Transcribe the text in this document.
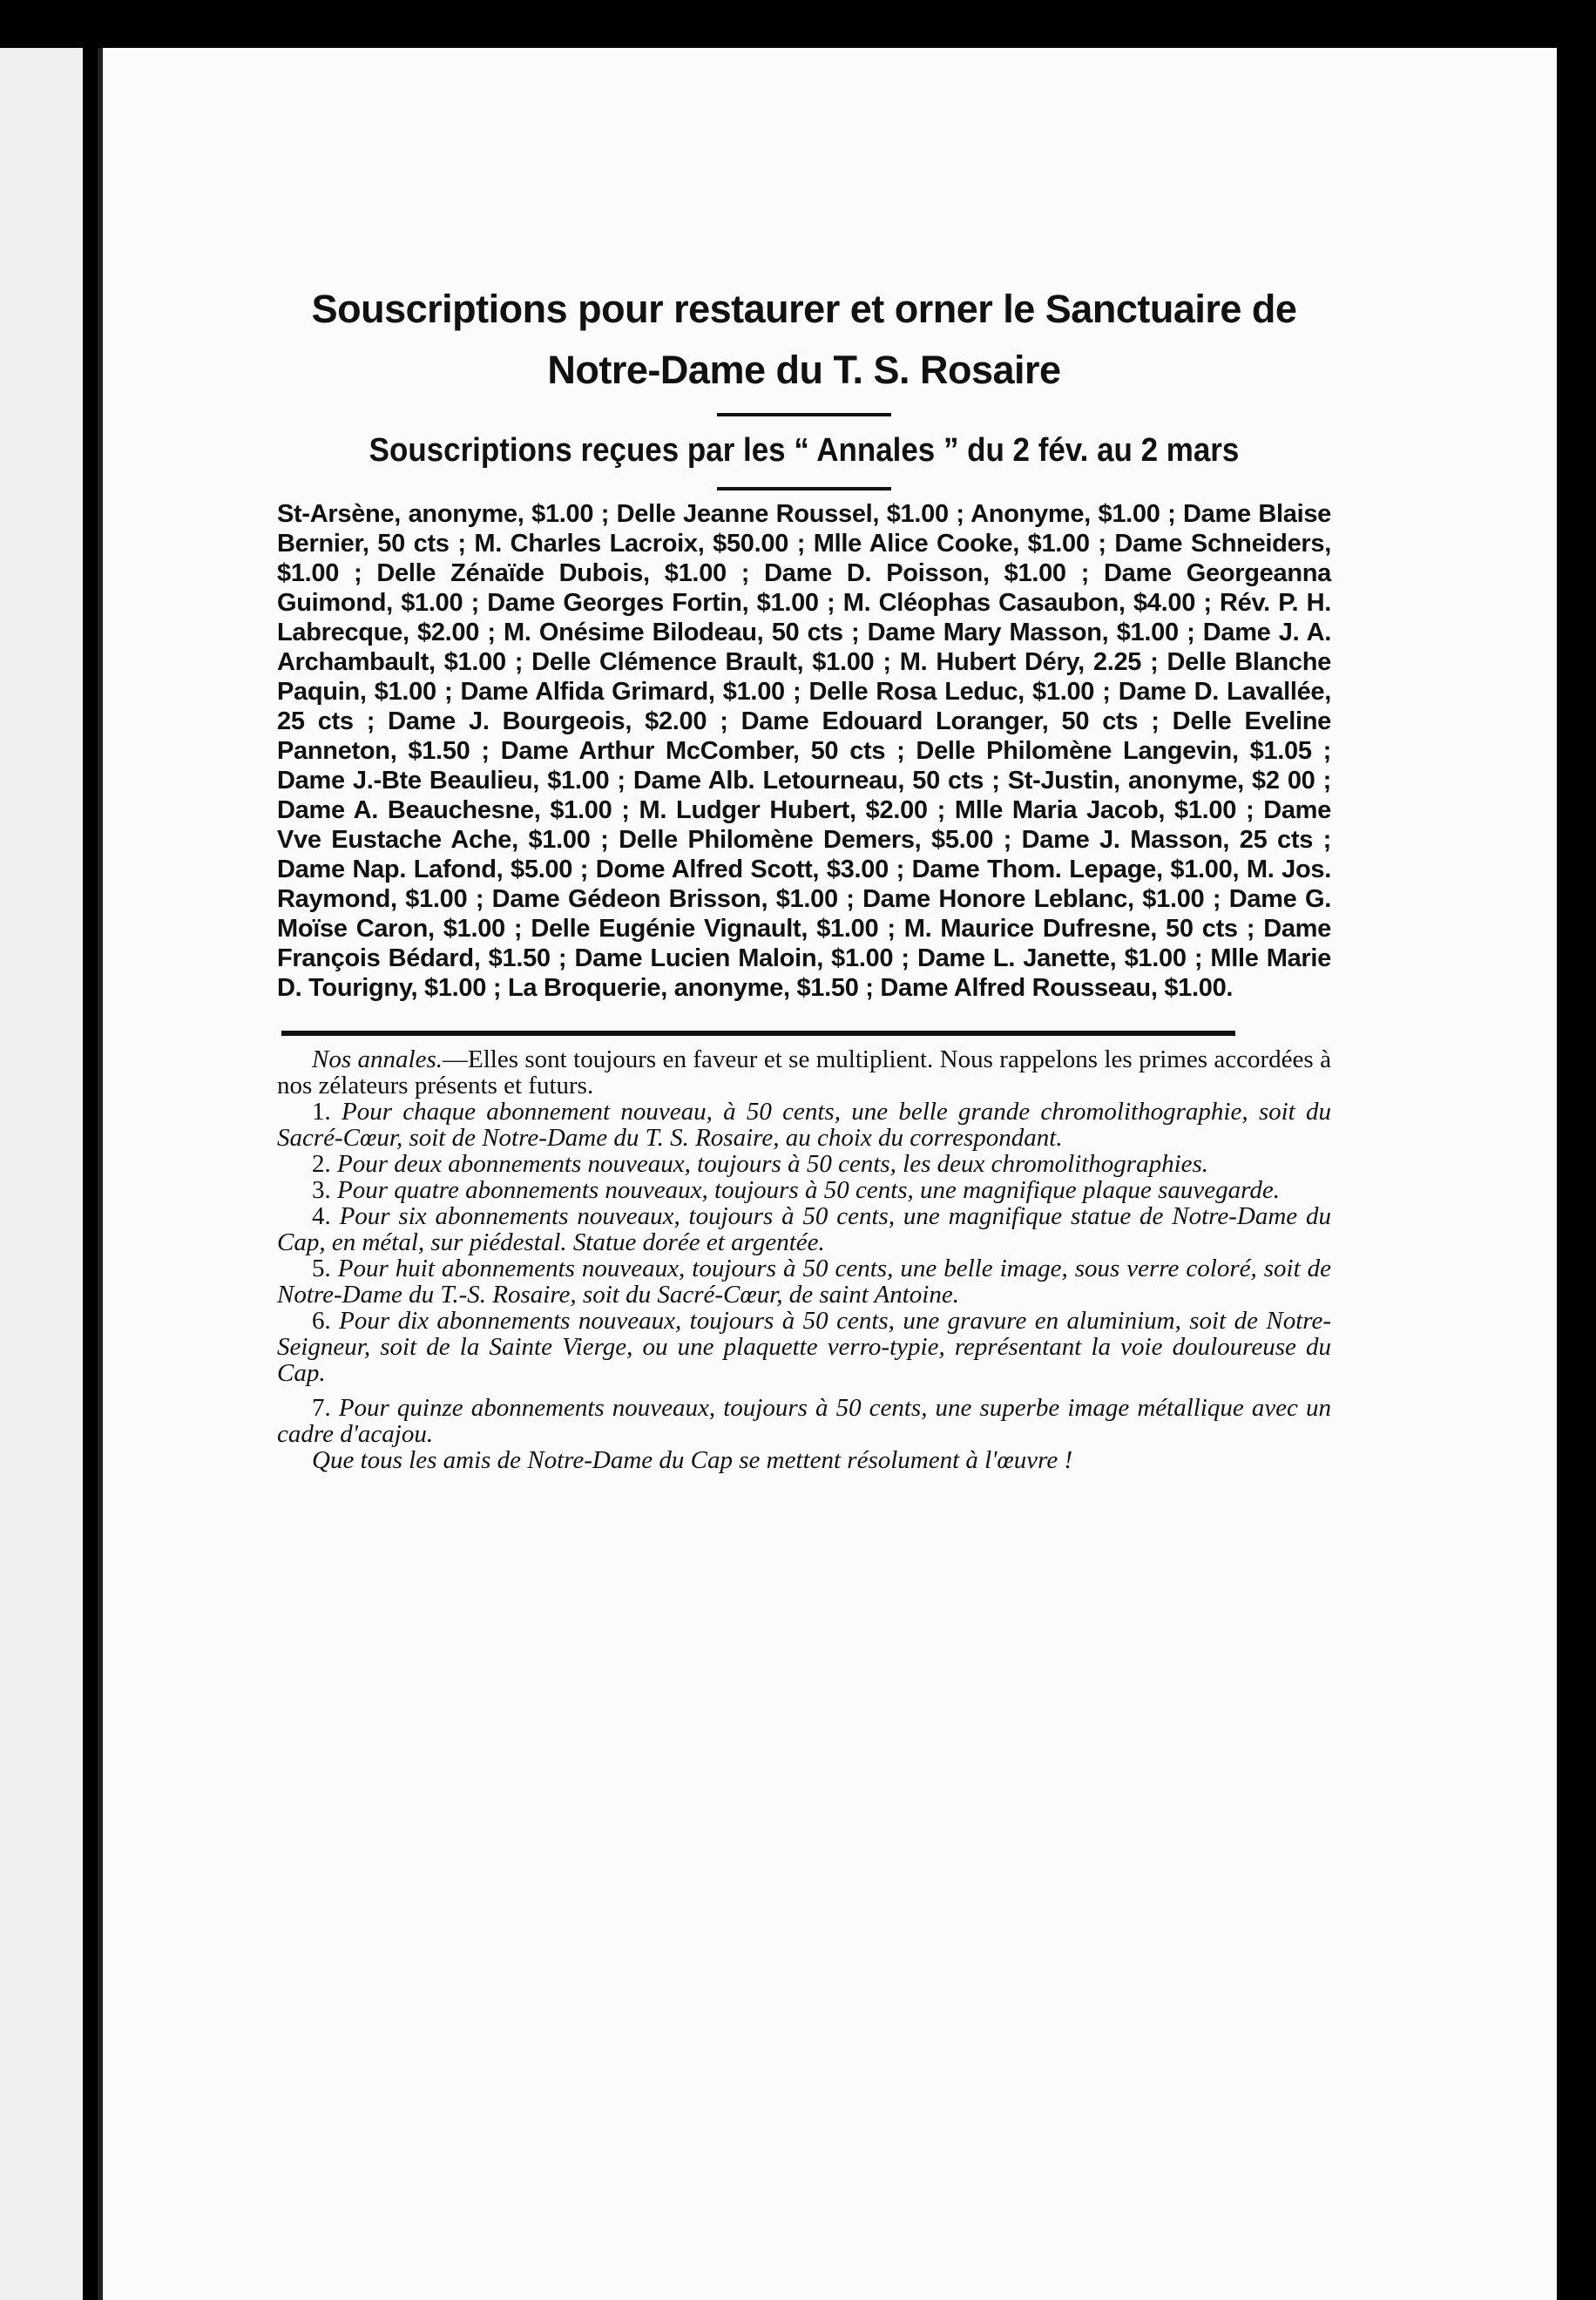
Souscriptions pour restaurer et orner le Sanctuaire de
Notre-Dame du T. S. Rosaire
Souscriptions reçues par les “ Annales ” du 2 fév. au 2 mars

St-Arsène, anonyme, $1.00 ; Delle Jeanne Roussel, $1.00 ; Anonyme, $1.00 ; Dame Blaise Bernier, 50 cts ; M. Charles Lacroix, $50.00 ; Mlle Alice Cooke, $1.00 ; Dame Schneiders, $1.00 ; Delle Zénaïde Dubois, $1.00 ; Dame D. Poisson, $1.00 ; Dame Georgeanna Guimond, $1.00 ; Dame Georges Fortin, $1.00 ; M. Cléophas Casaubon, $4.00 ; Rév. P. H. Labrecque, $2.00 ; M. Onésime Bilodeau, 50 cts ; Dame Mary Masson, $1.00 ; Dame J. A. Archambault, $1.00 ; Delle Clémence Brault, $1.00 ; M. Hubert Déry, 2.25 ; Delle Blanche Paquin, $1.00 ; Dame Alfida Grimard, $1.00 ; Delle Rosa Leduc, $1.00 ; Dame D. Lavallée, 25 cts ; Dame J. Bourgeois, $2.00 ; Dame Edouard Loranger, 50 cts ; Delle Eveline Panneton, $1.50 ; Dame Arthur McComber, 50 cts ; Delle Philomène Langevin, $1.05 ; Dame J.-Bte Beaulieu, $1.00 ; Dame Alb. Letourneau, 50 cts ; St-Justin, anonyme, $2 00 ; Dame A. Beauchesne, $1.00 ; M. Ludger Hubert, $2.00 ; Mlle Maria Jacob, $1.00 ; Dame Vve Eustache Ache, $1.00 ; Delle Philomène Demers, $5.00 ; Dame J. Masson, 25 cts ; Dame Nap. Lafond, $5.00 ; Dome Alfred Scott, $3.00 ; Dame Thom. Lepage, $1.00, M. Jos. Raymond, $1.00 ; Dame Gédeon Brisson, $1.00 ; Dame Honore Leblanc, $1.00 ; Dame G. Moïse Caron, $1.00 ; Delle Eugénie Vignault, $1.00 ; M. Maurice Dufresne, 50 cts ; Dame François Bédard, $1.50 ; Dame Lucien Maloin, $1.00 ; Dame L. Janette, $1.00 ; Mlle Marie D. Tourigny, $1.00 ; La Broquerie, anonyme, $1.50 ; Dame Alfred Rousseau, $1.00.

Nos annales.—Elles sont toujours en faveur et se multiplient. Nous rappelons les primes accordées à nos zélateurs présents et futurs.

1. Pour chaque abonnement nouveau, à 50 cents, une belle grande chromolithographie, soit du Sacré-Cœur, soit de Notre-Dame du T. S. Rosaire, au choix du correspondant.

2. Pour deux abonnements nouveaux, toujours à 50 cents, les deux chromolithographies.

3. Pour quatre abonnements nouveaux, toujours à 50 cents, une magnifique plaque sauvegarde.

4. Pour six abonnements nouveaux, toujours à 50 cents, une magnifique statue de Notre-Dame du Cap, en métal, sur piédestal. Statue dorée et argentée.

5. Pour huit abonnements nouveaux, toujours à 50 cents, une belle image, sous verre coloré, soit de Notre-Dame du T.-S. Rosaire, soit du Sacré-Cœur, de saint Antoine.

6. Pour dix abonnements nouveaux, toujours à 50 cents, une gravure en aluminium, soit de Notre-Seigneur, soit de la Sainte Vierge, ou une plaquette verro-typie, représentant la voie douloureuse du Cap.

7. Pour quinze abonnements nouveaux, toujours à 50 cents, une superbe image métallique avec un cadre d'acajou.

Que tous les amis de Notre-Dame du Cap se mettent résolument à l'œuvre !
